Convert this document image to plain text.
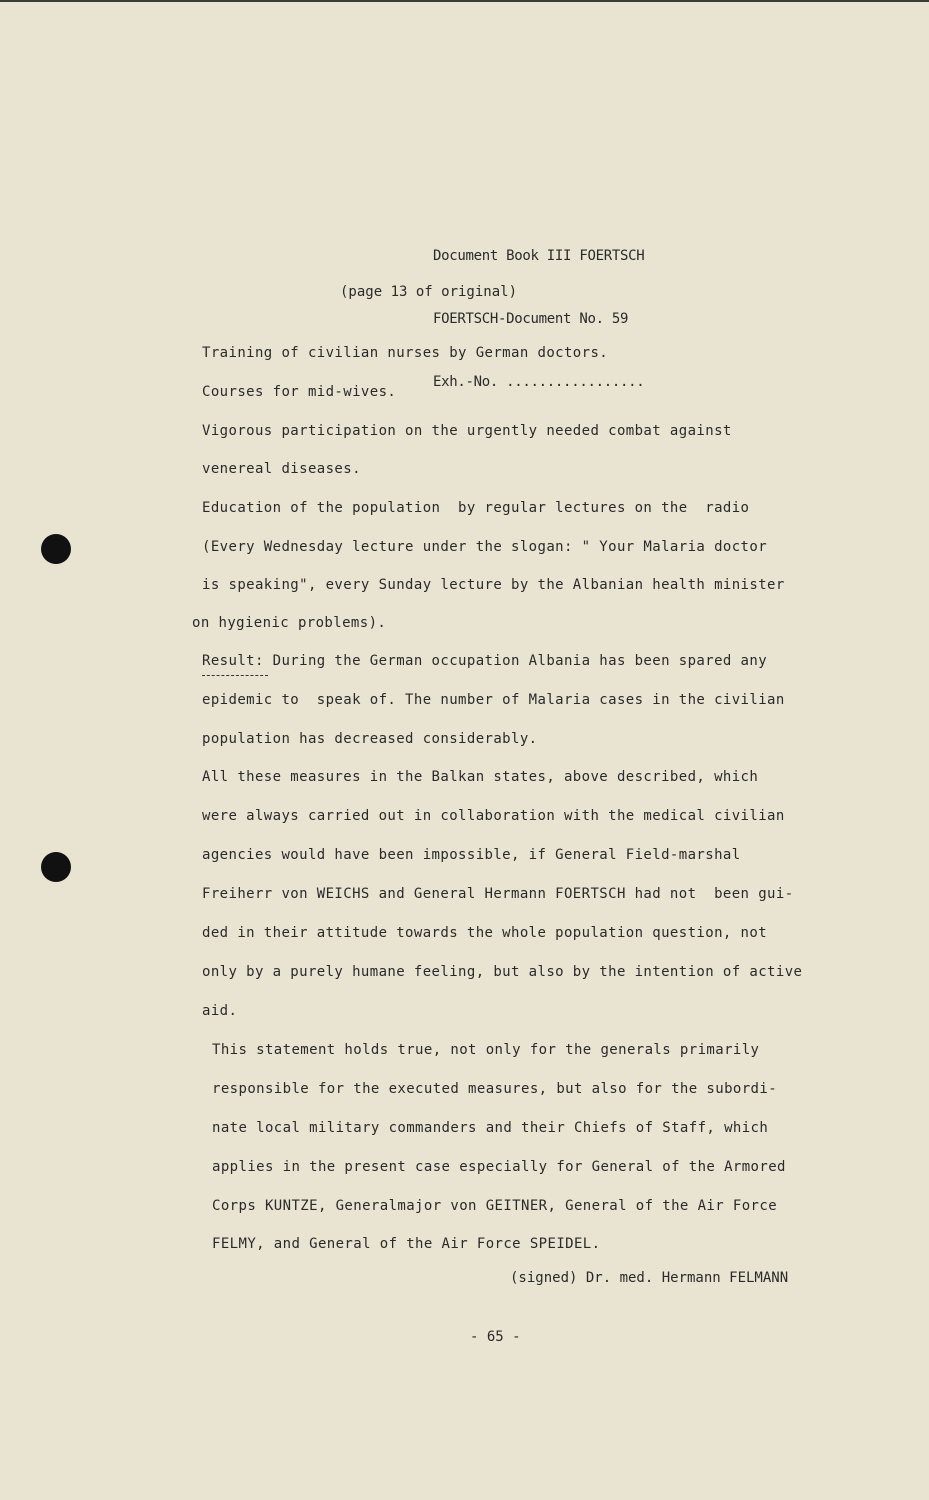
Document Book III FOERTSCH

FOERTSCH-Document No. 59

Exh.-No. .................

(page 13 of original)
Training of civilian nurses by German doctors.
Courses for mid-wives.
Vigorous participation on the urgently needed combat against
venereal diseases.
Education of the population  by regular lectures on the  radio
(Every Wednesday lecture under the slogan: " Your Malaria doctor
is speaking", every Sunday lecture by the Albanian health minister
on hygienic problems).
Result: During the German occupation Albania has been spared any
epidemic to  speak of. The number of Malaria cases in the civilian
population has decreased considerably.
All these measures in the Balkan states, above described, which
were always carried out in collaboration with the medical civilian
agencies would have been impossible, if General Field-marshal
Freiherr von WEICHS and General Hermann FOERTSCH had not  been gui-
ded in their attitude towards the whole population question, not
only by a purely humane feeling, but also by the intention of active
aid.
This statement holds true, not only for the generals primarily
responsible for the executed measures, but also for the subordi-
nate local military commanders and their Chiefs of Staff, which
applies in the present case especially for General of the Armored
Corps KUNTZE, Generalmajor von GEITNER, General of the Air Force
FELMY, and General of the Air Force SPEIDEL.
(signed) Dr. med. Hermann FELMANN
- 65 -
